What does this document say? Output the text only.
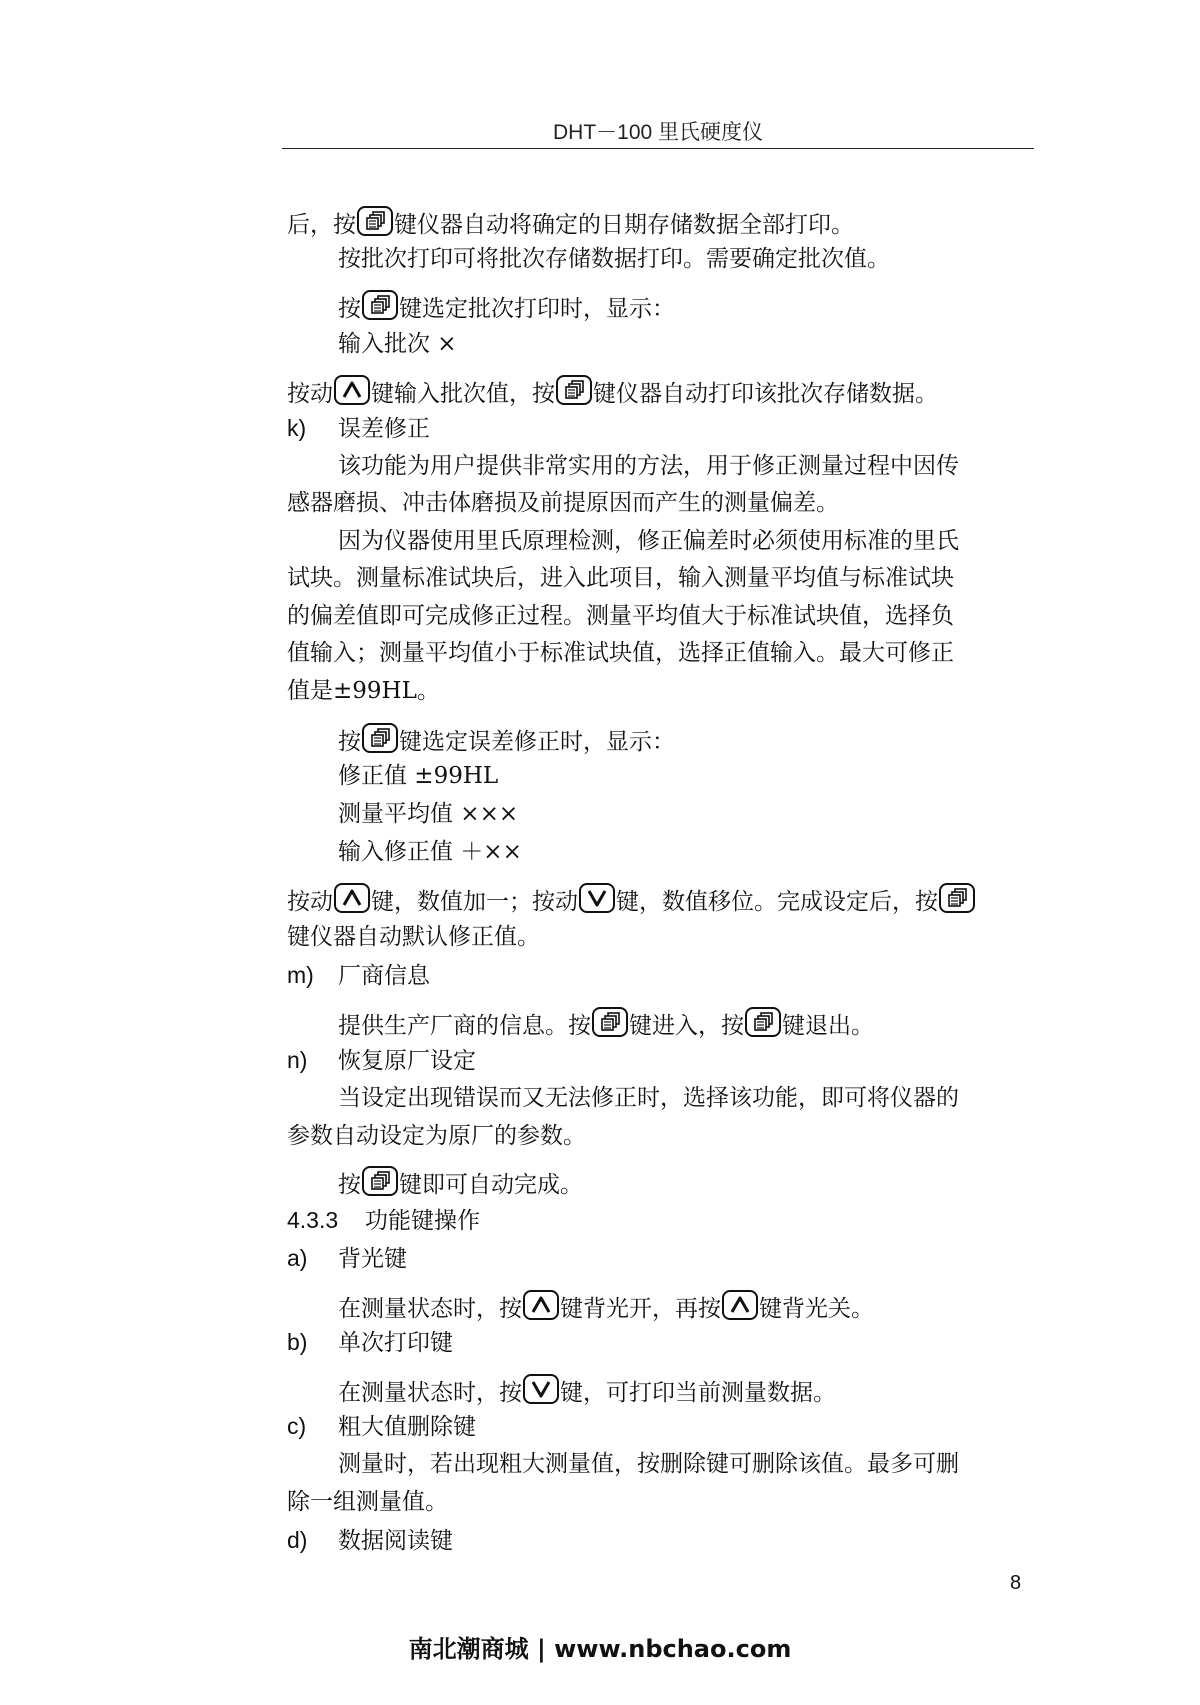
DHT－100 里氏硬度仪
后，按 键仪器自动将确定的日期存储数据全部打印。
按批次打印可将批次存储数据打印。需要确定批次值。
按 键选定批次打印时，显示：
输入批次 ×
按动 键输入批次值，按 键仪器自动打印该批次存储数据。
k) 误差修正
该功能为用户提供非常实用的方法，用于修正测量过程中因传
感器磨损、冲击体磨损及前提原因而产生的测量偏差。
因为仪器使用里氏原理检测，修正偏差时必须使用标准的里氏
试块。测量标准试块后，进入此项目，输入测量平均值与标准试块
的偏差值即可完成修正过程。测量平均值大于标准试块值，选择负
值输入；测量平均值小于标准试块值，选择正值输入。最大可修正
值是±99HL。
按 键选定误差修正时，显示：
修正值 ±99HL
测量平均值 ×××
输入修正值 ＋××
按动 键，数值加一；按动 键，数值移位。完成设定后，按
键仪器自动默认修正值。
m) 厂商信息
提供生产厂商的信息。按 键进入，按 键退出。
n) 恢复原厂设定
当设定出现错误而又无法修正时，选择该功能，即可将仪器的
参数自动设定为原厂的参数。
按 键即可自动完成。
4.3.3 功能键操作
a) 背光键
在测量状态时，按 键背光开，再按 键背光关。
b) 单次打印键
在测量状态时，按 键，可打印当前测量数据。
c) 粗大值删除键
测量时，若出现粗大测量值，按删除键可删除该值。最多可删
除一组测量值。
d) 数据阅读键
8
南北潮商城 | www.nbchao.com
